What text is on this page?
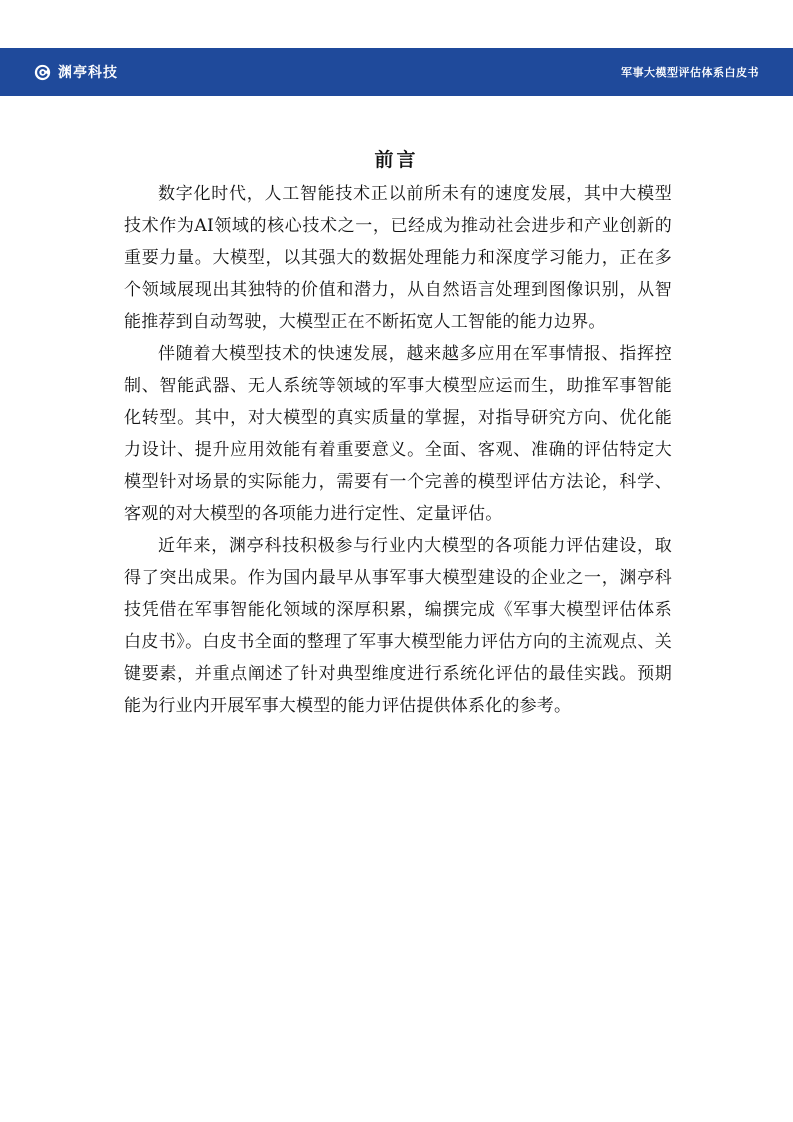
渊亭科技	军事大模型评估体系白皮书
前言

数字化时代，人工智能技术正以前所未有的速度发展，其中大模型技术作为AI领域的核心技术之一，已经成为推动社会进步和产业创新的重要力量。大模型，以其强大的数据处理能力和深度学习能力，正在多个领域展现出其独特的价值和潜力，从自然语言处理到图像识别，从智能推荐到自动驾驶，大模型正在不断拓宽人工智能的能力边界。

伴随着大模型技术的快速发展，越来越多应用在军事情报、指挥控制、智能武器、无人系统等领域的军事大模型应运而生，助推军事智能化转型。其中，对大模型的真实质量的掌握，对指导研究方向、优化能力设计、提升应用效能有着重要意义。全面、客观、准确的评估特定大模型针对场景的实际能力，需要有一个完善的模型评估方法论，科学、客观的对大模型的各项能力进行定性、定量评估。

近年来，渊亭科技积极参与行业内大模型的各项能力评估建设，取得了突出成果。作为国内最早从事军事大模型建设的企业之一，渊亭科技凭借在军事智能化领域的深厚积累，编撰完成《军事大模型评估体系白皮书》。白皮书全面的整理了军事大模型能力评估方向的主流观点、关键要素，并重点阐述了针对典型维度进行系统化评估的最佳实践。预期能为行业内开展军事大模型的能力评估提供体系化的参考。
